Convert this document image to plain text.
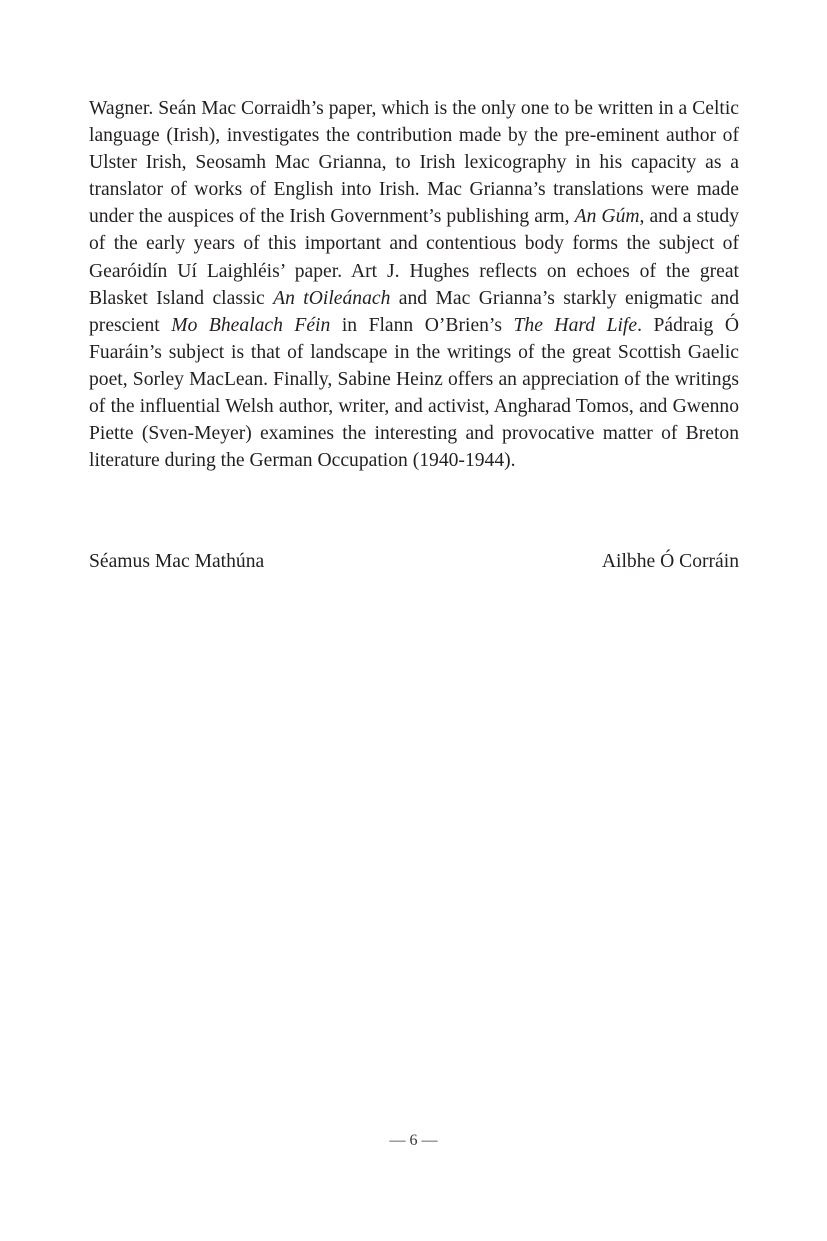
Wagner. Seán Mac Corraidh’s paper, which is the only one to be written in a Celtic language (Irish), investigates the contribution made by the pre-eminent author of Ulster Irish, Seosamh Mac Grianna, to Irish lexicography in his capacity as a translator of works of English into Irish. Mac Grianna’s translations were made under the auspices of the Irish Government’s publishing arm, An Gúm, and a study of the early years of this important and contentious body forms the subject of Gearóidín Uí Laighléis’ paper. Art J. Hughes reflects on echoes of the great Blasket Island classic An tOileánach and Mac Grianna’s starkly enigmatic and prescient Mo Bhealach Féin in Flann O’Brien’s The Hard Life. Pádraig Ó Fuaráin’s subject is that of landscape in the writings of the great Scottish Gaelic poet, Sorley MacLean. Finally, Sabine Heinz offers an appreciation of the writings of the influential Welsh author, writer, and activist, Angharad Tomos, and Gwenno Piette (Sven-Meyer) examines the interesting and provocative matter of Breton literature during the German Occupation (1940-1944).

Séamus Mac Mathúna	Ailbhe Ó Corráin
— 6 —
